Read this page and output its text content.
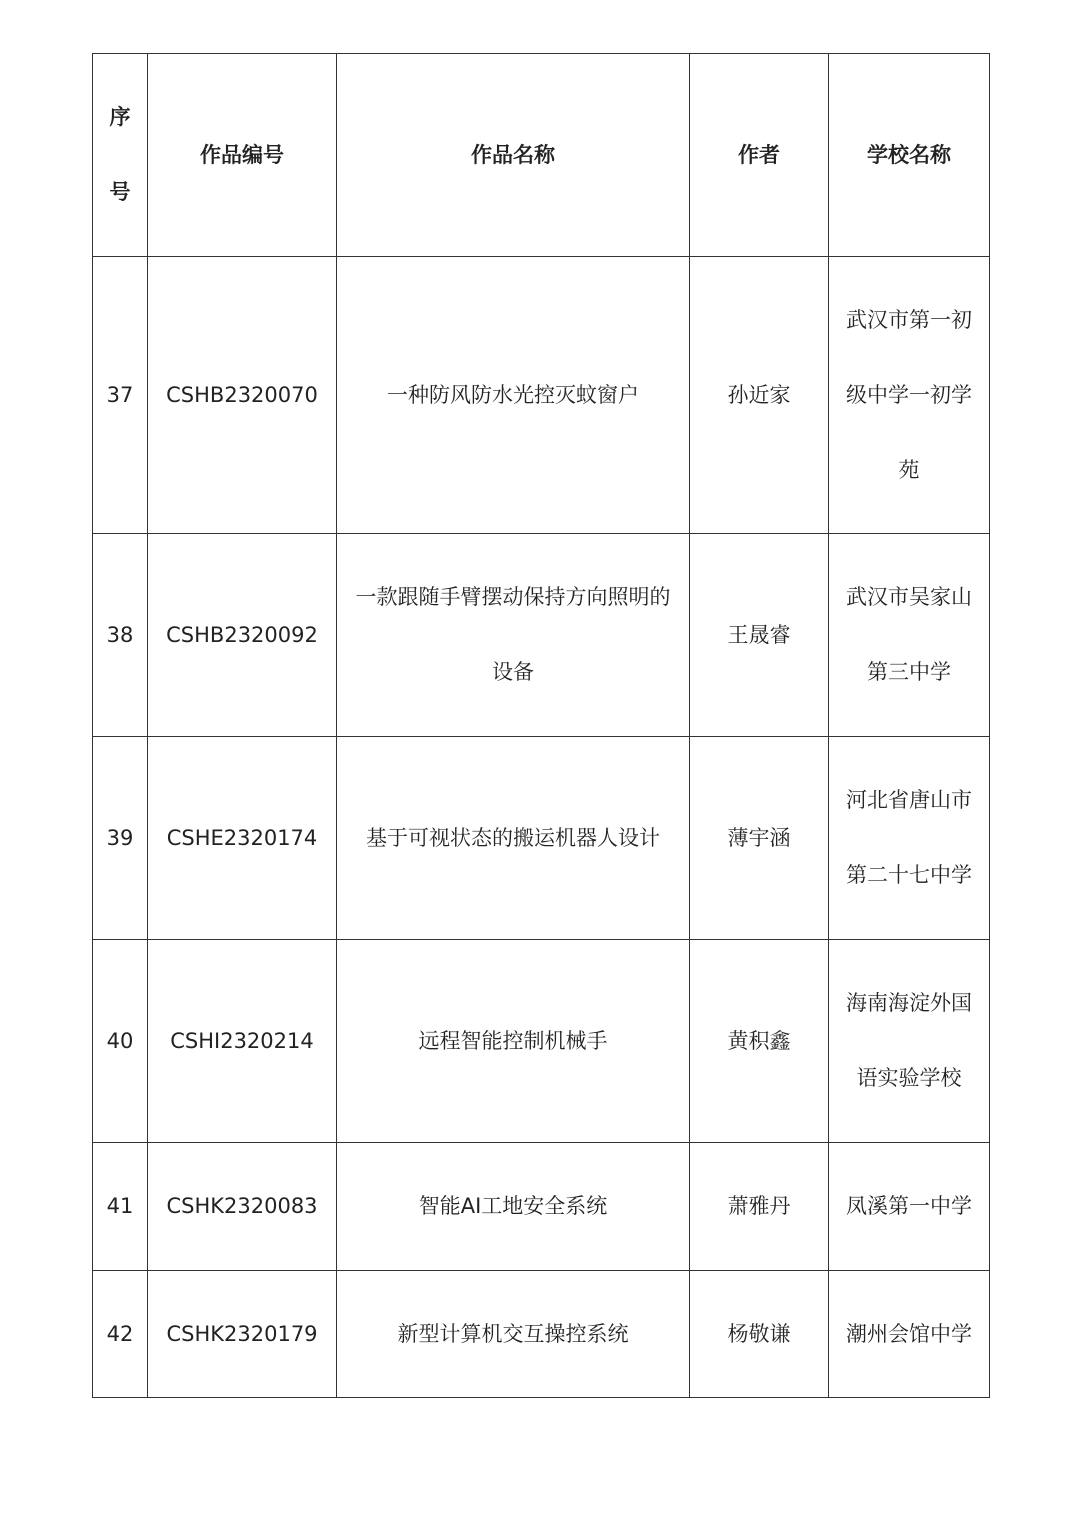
序号	作品编号	作品名称	作者	学校名称
37	CSHB2320070	一种防风防水光控灭蚊窗户	孙近家	武汉市第一初级中学一初学苑

38	CSHB2320092	一款跟随手臂摆动保持方向照明的设备	王晟睿	武汉市吴家山第三中学

39	CSHE2320174	基于可视状态的搬运机器人设计	薄宇涵	河北省唐山市第二十七中学

40	CSHI2320214	远程智能控制机械手	黄积鑫	海南海淀外国语实验学校

41	CSHK2320083	智能AI工地安全系统	萧雅丹	凤溪第一中学
42	CSHK2320179	新型计算机交互操控系统	杨敬谦	潮州会馆中学
